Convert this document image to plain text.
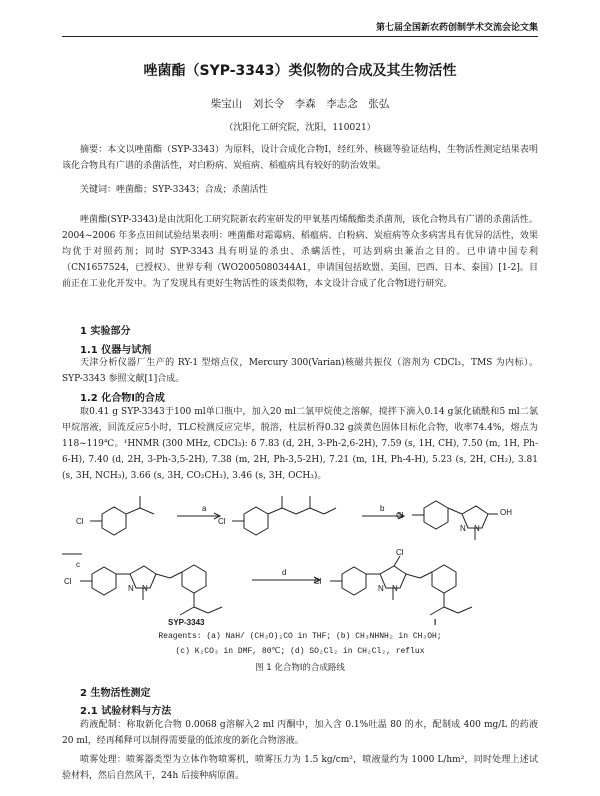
第七届全国新农药创制学术交流会论文集
唑菌酯（SYP-3343）类似物的合成及其生物活性
柴宝山　刘长令　李森　李志念　张弘
（沈阳化工研究院，沈阳，110021）
摘要：本文以唑菌酯（SYP-3343）为原料，设计合成化合物Ⅰ，经红外、核磁等验证结构，生物活性测定结果表明该化合物具有广谱的杀菌活性，对白粉病、炭疽病、稻瘟病具有较好的防治效果。
关键词：唑菌酯；SYP-3343；合成；杀菌活性
唑菌酯(SYP-3343)是由沈阳化工研究院新农药室研发的甲氧基丙烯酸酯类杀菌剂，该化合物具有广谱的杀菌活性。2004~2006 年多点田间试验结果表明：唑菌酯对霜霉病、稻瘟病、白粉病、炭疽病等众多病害具有优异的活性，效果均优于对照药剂；同时 SYP-3343 具有明显的杀虫、杀螨活性，可达到病虫兼治之目的。已申请中国专利（CN1657524，已授权）、世界专利（WO2005080344A1，申请国包括欧盟、美国、巴西、日本、泰国）[1-2]。目前正在工业化开发中。为了发现具有更好生物活性的该类似物，本文设计合成了化合物Ⅰ进行研究。
1 实验部分
1.1 仪器与试剂
天津分析仪器厂生产的 RY-1 型熔点仪，Mercury 300(Varian)核磁共振仪（溶剂为 CDCl₃，TMS 为内标）。SYP-3343 参照文献[1]合成。
1.2 化合物Ⅰ的合成
取0.41 g SYP-3343于100 ml单口瓶中，加入20 ml二氯甲烷使之溶解，搅拌下滴入0.14 g氯化硫酰和5 ml二氯甲烷溶液，回流反应5小时，TLC检测反应完毕，脱溶，柱层析得0.32 g淡黄色固体目标化合物，收率74.4%，熔点为118~119℃。¹HNMR (300 MHz, CDCl₃): δ 7.83 (d, 2H, 3-Ph-2,6-2H), 7.59 (s, 1H, CH), 7.50 (m, 1H, Ph-6-H), 7.40 (d, 2H, 3-Ph-3,5-2H), 7.38 (m, 2H, Ph-3,5-2H), 7.21 (m, 1H, Ph-4-H), 5.23 (s, 2H, CH₂), 3.81 (s, 3H, NCH₃), 3.66 (s, 3H, CO₂CH₃), 3.46 (s, 3H, OCH₃)。
Cl
a
Cl
b
Cl
N N
OH
Cl
N N
c
d
Cl
Cl
N N
SYP-3343	I
Reagents: (a) NaH/ (CH₃O)₂CO in THF; (b) CH₃NHNH₂ in CH₃OH;
(c) K₂CO₃ in DMF, 80℃; (d) SO₂Cl₂ in CH₂Cl₂, reflux
图 1 化合物Ⅰ的合成路线
2 生物活性测定
2.1 试验材料与方法
药液配制：称取新化合物 0.0068 g溶解入2 ml 丙酮中，加入含 0.1%吐温 80 的水，配制成 400 mg/L 的药液 20 ml，经再稀释可以制得需要量的低浓度的新化合物溶液。
喷雾处理：喷雾器类型为立体作物喷雾机，喷雾压力为 1.5 kg/cm²，喷液量约为 1000 L/hm²，同时处理上述试验材料，然后自然风干，24h 后接种病原菌。
